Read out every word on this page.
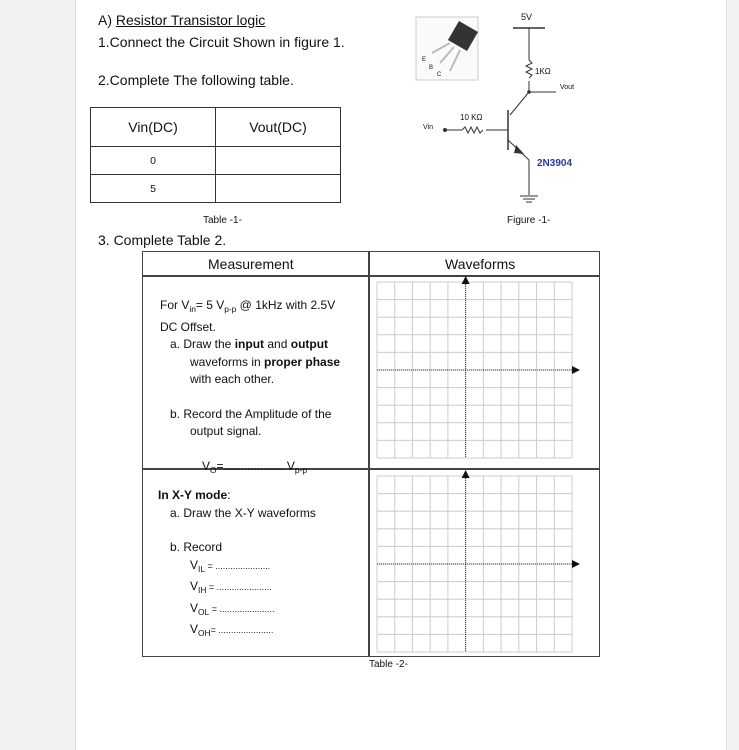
A) Resistor Transistor logic
1.Connect the Circuit Shown in figure 1.
2.Complete The following table.
Vin(DC)	Vout(DC)
0	
5	
Table -1-
5V
1KΩ
Vout
Vin
10 KΩ
2N3904
E
B
C
Figure -1-
3. Complete Table 2.
Measurement	Waveforms
For $V_{in}= 5$ $V_{p-p}$ @ 1kHz with 2.5V
DC Offset.
a. Draw the input and output
waveforms in proper phase
with each other.
b. Record the Amplitude of the
output signal.
$V_O=$.................. $V_{p-p}$
In X-Y mode:
a. Draw the X-Y waveforms
b. Record
$V_{IL}$ = ......................
$V_{IH}$ = ......................
$V_{OL}$ = ......................
$V_{OH}=$ ......................
Table -2-
